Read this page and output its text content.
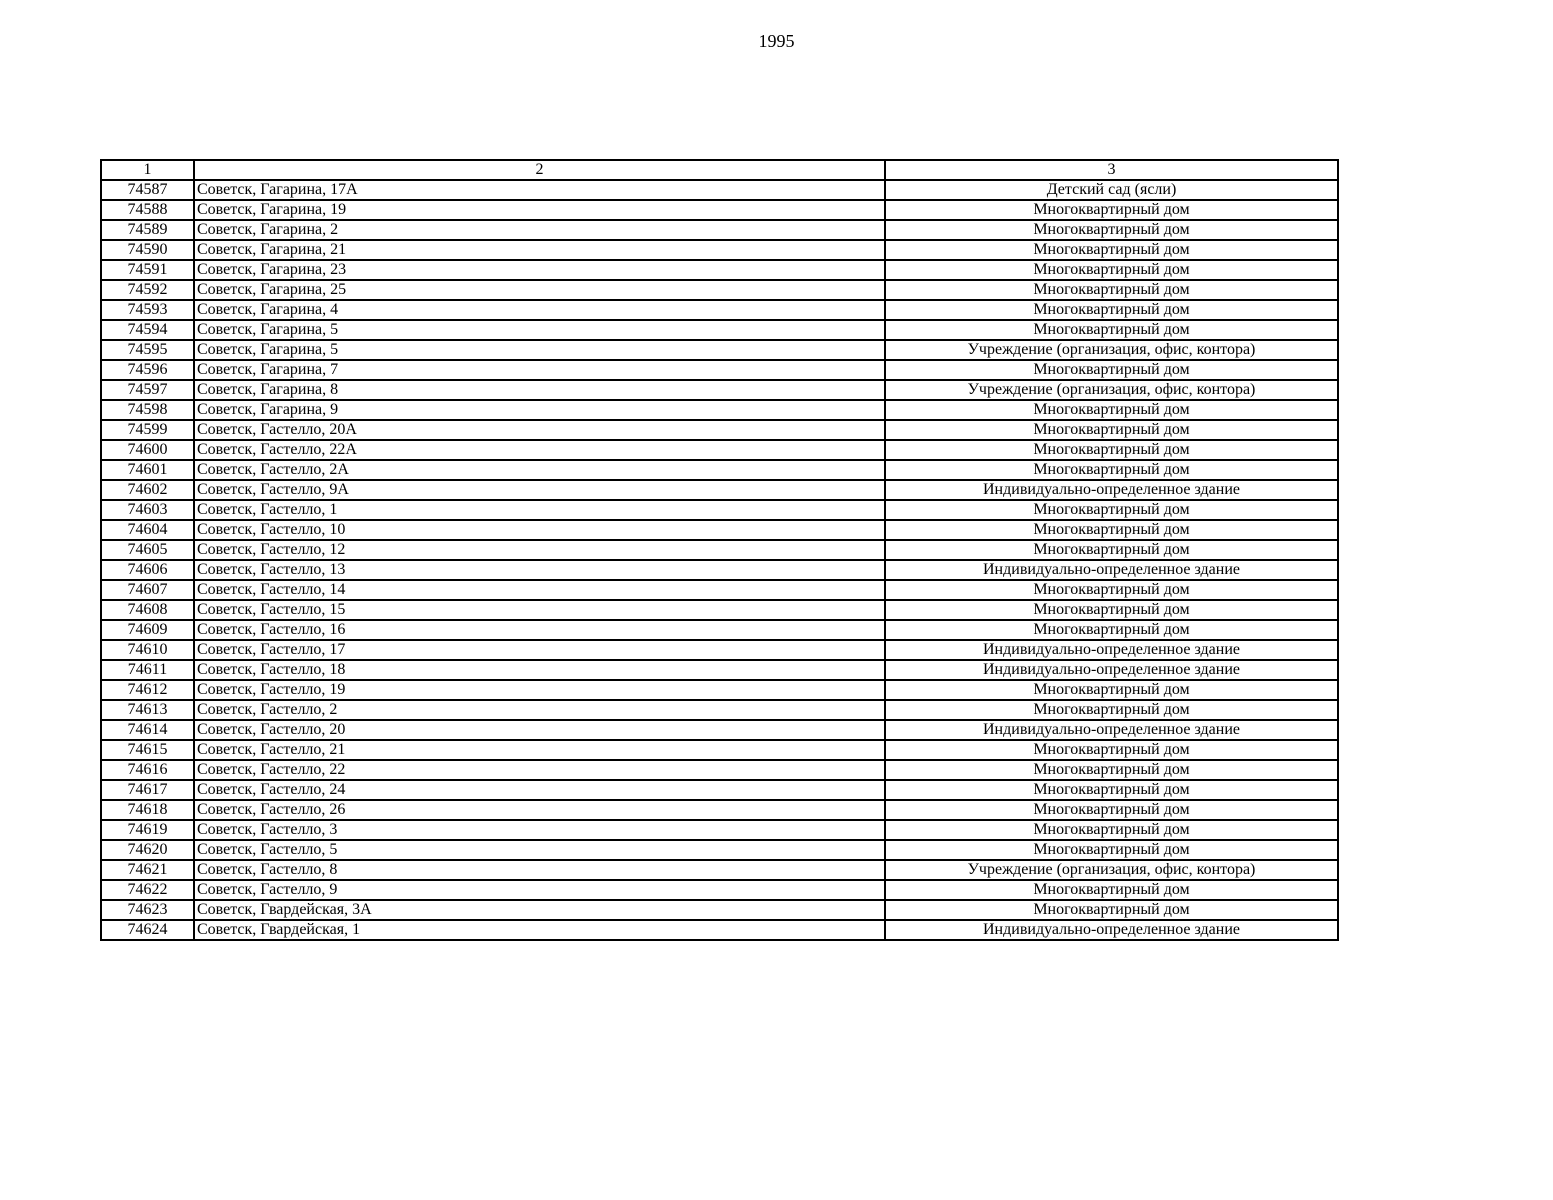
1995
1	2	3
74587	Советск, Гагарина, 17А	Детский сад (ясли)
74588	Советск, Гагарина, 19	Многоквартирный дом
74589	Советск, Гагарина, 2	Многоквартирный дом
74590	Советск, Гагарина, 21	Многоквартирный дом
74591	Советск, Гагарина, 23	Многоквартирный дом
74592	Советск, Гагарина, 25	Многоквартирный дом
74593	Советск, Гагарина, 4	Многоквартирный дом
74594	Советск, Гагарина, 5	Многоквартирный дом
74595	Советск, Гагарина, 5	Учреждение (организация, офис, контора)
74596	Советск, Гагарина, 7	Многоквартирный дом
74597	Советск, Гагарина, 8	Учреждение (организация, офис, контора)
74598	Советск, Гагарина, 9	Многоквартирный дом
74599	Советск, Гастелло, 20А	Многоквартирный дом
74600	Советск, Гастелло, 22А	Многоквартирный дом
74601	Советск, Гастелло, 2А	Многоквартирный дом
74602	Советск, Гастелло, 9А	Индивидуально-определенное здание
74603	Советск, Гастелло, 1	Многоквартирный дом
74604	Советск, Гастелло, 10	Многоквартирный дом
74605	Советск, Гастелло, 12	Многоквартирный дом
74606	Советск, Гастелло, 13	Индивидуально-определенное здание
74607	Советск, Гастелло, 14	Многоквартирный дом
74608	Советск, Гастелло, 15	Многоквартирный дом
74609	Советск, Гастелло, 16	Многоквартирный дом
74610	Советск, Гастелло, 17	Индивидуально-определенное здание
74611	Советск, Гастелло, 18	Индивидуально-определенное здание
74612	Советск, Гастелло, 19	Многоквартирный дом
74613	Советск, Гастелло, 2	Многоквартирный дом
74614	Советск, Гастелло, 20	Индивидуально-определенное здание
74615	Советск, Гастелло, 21	Многоквартирный дом
74616	Советск, Гастелло, 22	Многоквартирный дом
74617	Советск, Гастелло, 24	Многоквартирный дом
74618	Советск, Гастелло, 26	Многоквартирный дом
74619	Советск, Гастелло, 3	Многоквартирный дом
74620	Советск, Гастелло, 5	Многоквартирный дом
74621	Советск, Гастелло, 8	Учреждение (организация, офис, контора)
74622	Советск, Гастелло, 9	Многоквартирный дом
74623	Советск, Гвардейская, 3А	Многоквартирный дом
74624	Советск, Гвардейская, 1	Индивидуально-определенное здание
